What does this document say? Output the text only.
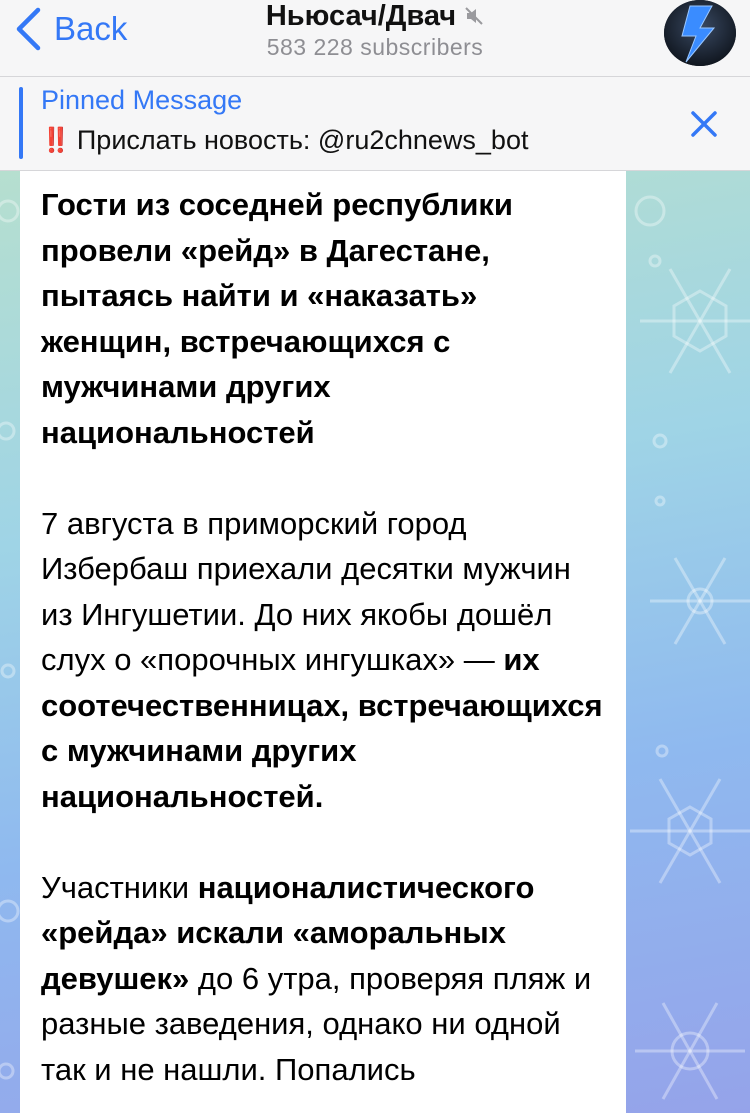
Back	Ньюсач/Двач
583 228 subscribers
Pinned Message
‼️ Прислать новость: @ru2chnews_bot

Гости из соседней республики провели «рейд» в Дагестане, пытаясь найти и «наказать» женщин, встречающихся с мужчинами других национальностей

7 августа в приморский город Избербаш приехали десятки мужчин из Ингушетии. До них якобы дошёл слух о «порочных ингушках» — их соотечественницах, встречающихся с мужчинами других национальностей.

Участники националистического «рейда» искали «аморальных девушек» до 6 утра, проверяя пляж и разные заведения, однако ни одной так и не нашли. Попались
